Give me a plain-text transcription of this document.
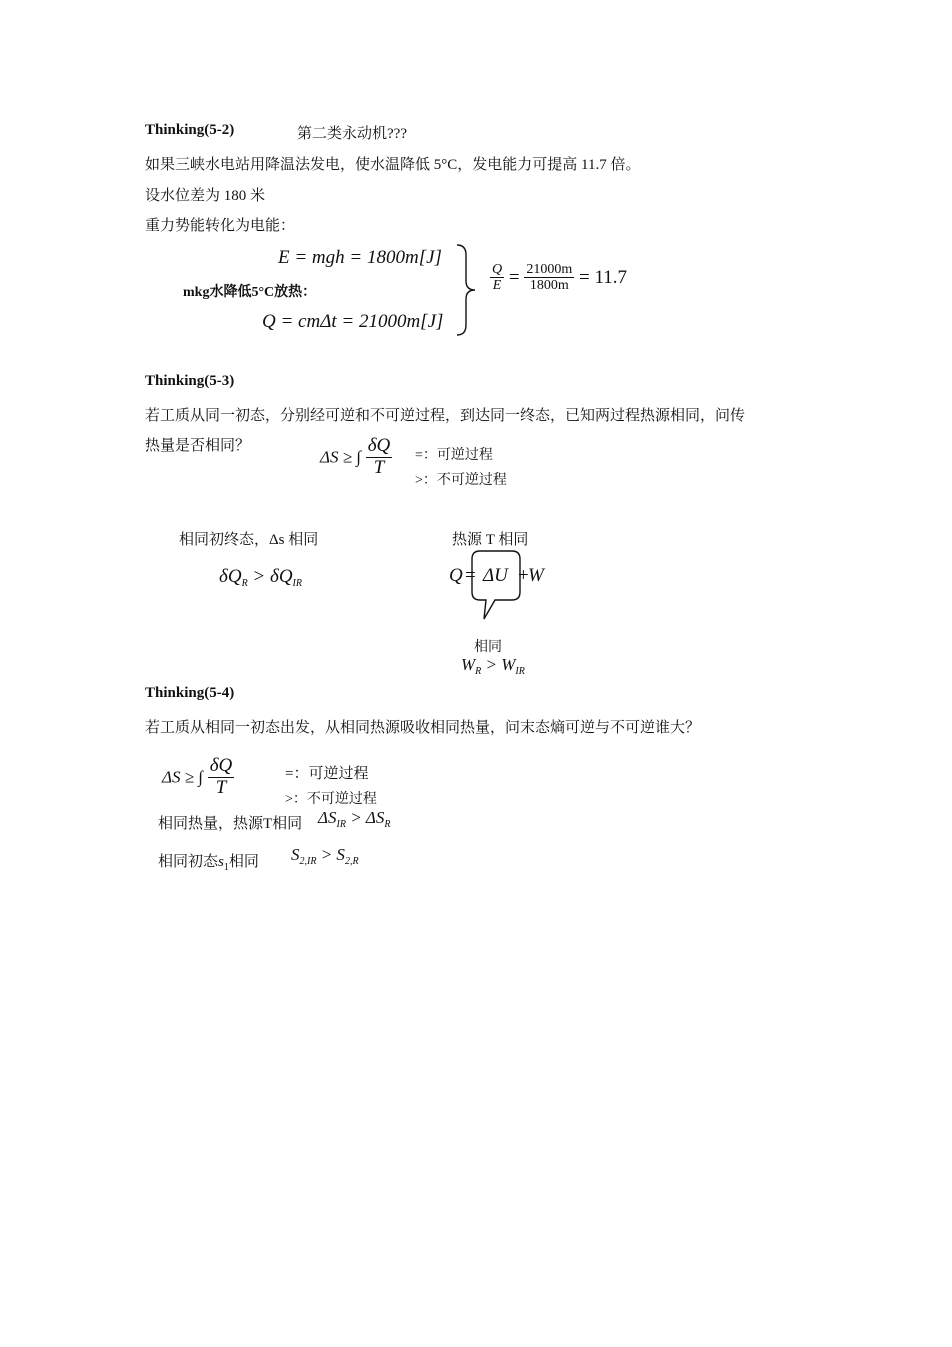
Thinking(5-2)	第二类永动机???
如果三峡水电站用降温法发电，使水温降低 5°C，发电能力可提高 11.7 倍。
设水位差为 180 米
重力势能转化为电能：
E = mgh = 1800m[J]
mkg水降低5°C放热：
Q = cmΔt = 21000m[J]
$\frac{Q}{E} = \frac{21000m}{1800m} = 11.7$
Thinking(5-3)
若工质从同一初态，分别经可逆和不可逆过程，到达同一终态，已知两过程热源相同，问传
热量是否相同？
ΔS ≥ ∫ $\frac{\delta Q}{T}$ =：可逆过程
>：不可逆过程
相同初终态，Δs 相同
$\delta Q_R > \delta Q_{IR}$
热源 T 相同
Q = ΔU + W
相同
$W_R > W_{IR}$
Thinking(5-4)
若工质从相同一初态出发，从相同热源吸收相同热量，问末态熵可逆与不可逆谁大？
ΔS ≥ ∫ $\frac{\delta Q}{T}$	=：可逆过程
>：不可逆过程
相同热量，热源T相同 $\Delta S_{IR} > \Delta S_R$
相同初态$s_1$相同 $S_{2,IR} > S_{2,R}$
